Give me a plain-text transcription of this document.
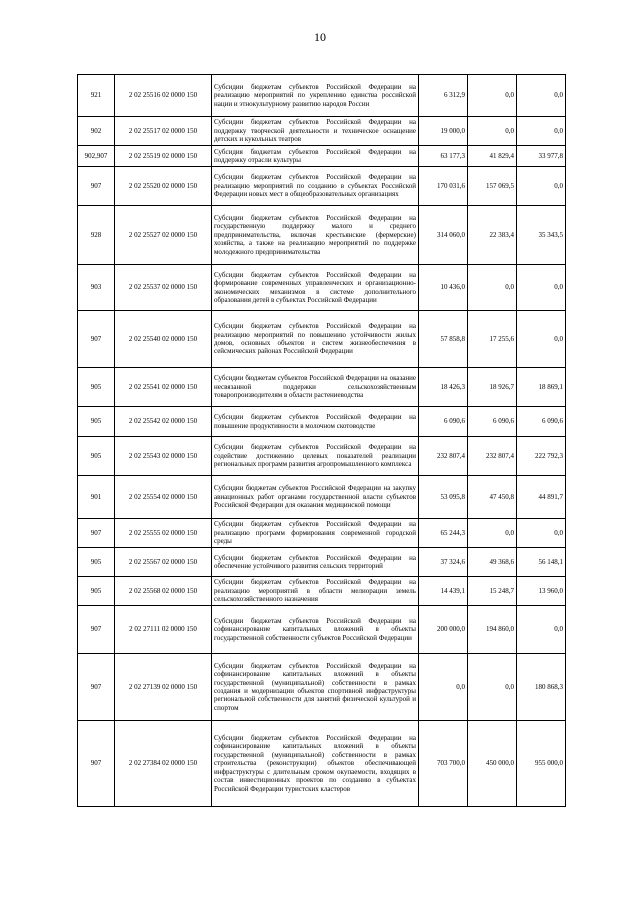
10
921	2 02 25516 02 0000 150	Субсидии бюджетам субъектов Российской Федерации на реализацию мероприятий по укреплению единства российской нации и этнокультурному развитию народов России	6 312,9	0,0	0,0
902	2 02 25517 02 0000 150	Субсидии бюджетам субъектов Российской Федерации на поддержку творческой деятельности и техническое оснащение детских и кукольных театров	19 000,0	0,0	0,0
902,907	2 02 25519 02 0000 150	Субсидия бюджетам субъектов Российской Федерации на поддержку отрасли культуры	63 177,3	41 829,4	33 977,8
907	2 02 25520 02 0000 150	Субсидии бюджетам субъектов Российской Федерации на реализацию мероприятий по созданию в субъектах Российской Федерации новых мест в общеобразовательных организациях	170 031,6	157 069,5	0,0
928	2 02 25527 02 0000 150	Субсидии бюджетам субъектов Российской Федерации на государственную поддержку малого и среднего предпринимательства, включая крестьянские (фермерские) хозяйства, а также на реализацию мероприятий по поддержке молодежного предпринимательства	314 060,0	22 383,4	35 343,5
903	2 02 25537 02 0000 150	Субсидии бюджетам субъектов Российской Федерации на формирование современных управленческих и организационно-экономических механизмов в системе дополнительного образования детей в субъектах Российской Федерации	10 436,0	0,0	0,0
907	2 02 25540 02 0000 150	Субсидии бюджетам субъектов Российской Федерации на реализацию мероприятий по повышению устойчивости жилых домов, основных объектов и систем жизнеобеспечения в сейсмических районах Российской Федерации	57 858,8	17 255,6	0,0
905	2 02 25541 02 0000 150	Субсидии бюджетам субъектов Российской Федерации на оказание несвязанной поддержки сельскохозяйственным товаропроизводителям в области растениеводства	18 426,3	18 926,7	18 869,1
905	2 02 25542 02 0000 150	Субсидии бюджетам субъектов Российской Федерации на повышение продуктивности в молочном скотоводстве	6 090,6	6 090,6	6 090,6
905	2 02 25543 02 0000 150	Субсидии бюджетам субъектов Российской Федерации на содействие достижению целевых показателей реализации региональных программ развития агропромышленного комплекса	232 807,4	232 807,4	222 792,3
901	2 02 25554 02 0000 150	Субсидии бюджетам субъектов Российской Федерации на закупку авиационных работ органами государственной власти субъектов Российской Федерации для оказания медицинской помощи	53 095,8	47 450,8	44 891,7
907	2 02 25555 02 0000 150	Субсидии бюджетам субъектов Российской Федерации на реализацию программ формирования современной городской среды	65 244,3	0,0	0,0
905	2 02 25567 02 0000 150	Субсидии бюджетам субъектов Российской Федерации на обеспечение устойчивого развития сельских территорий	37 324,6	49 368,6	56 148,1
905	2 02 25568 02 0000 150	Субсидии бюджетам субъектов Российской Федерации на реализацию мероприятий в области мелиорации земель сельскохозяйственного назначения	14 439,1	15 248,7	13 960,0
907	2 02 27111 02 0000 150	Субсидии бюджетам субъектов Российской Федерации на софинансирование капитальных вложений в объекты государственной собственности субъектов Российской Федерации	200 000,0	194 860,0	0,0
907	2 02 27139 02 0000 150	Субсидии бюджетам субъектов Российской Федерации на софинансирование капитальных вложений в объекты государственной (муниципальной) собственности в рамках создания и модернизации объектов спортивной инфраструктуры региональной собственности для занятий физической культурой и спортом	0,0	0,0	180 868,3
907	2 02 27384 02 0000 150	Субсидии бюджетам субъектов Российской Федерации на софинансирование капитальных вложений в объекты государственной (муниципальной) собственности в рамках строительства (реконструкции) объектов обеспечивающей инфраструктуры с длительным сроком окупаемости, входящих в состав инвестиционных проектов по созданию в субъектах Российской Федерации туристских кластеров	703 700,0	450 000,0	955 000,0
